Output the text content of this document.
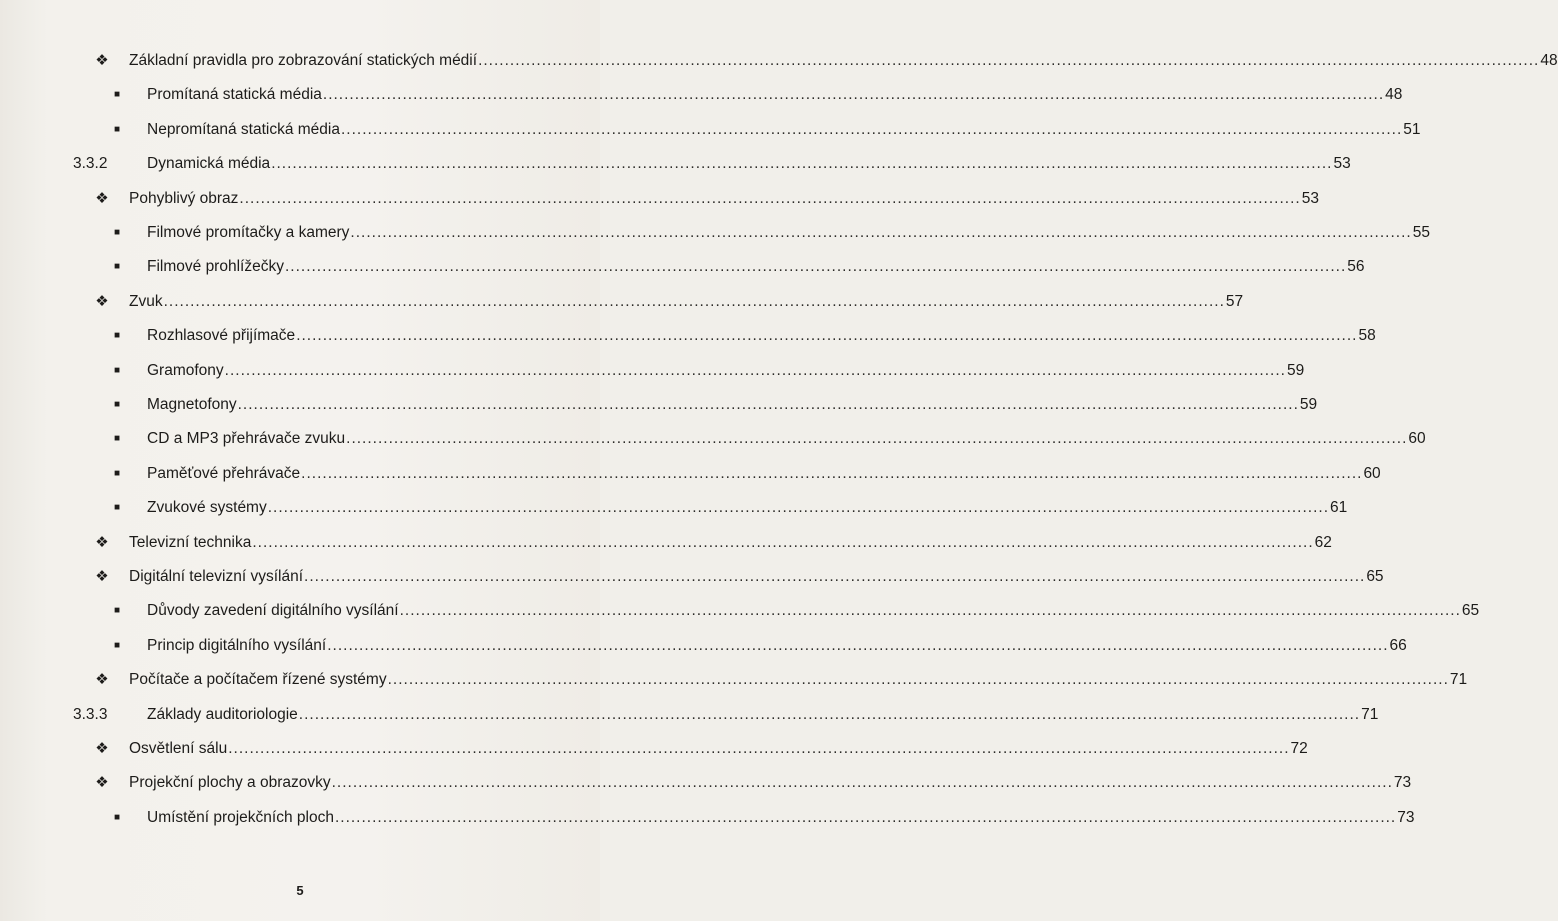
❖ Základní pravidla pro zobrazování statických médií ........................................................................................................................................................................................................ 48
■ Promítaná statická média ........................................................................................................................................................................................................ 48
■ Nepromítaná statická média ........................................................................................................................................................................................................ 51
3.3.2	Dynamická média ........................................................................................................................................................................................................ 53
❖ Pohyblivý obraz ........................................................................................................................................................................................................ 53
■ Filmové promítačky a kamery ........................................................................................................................................................................................................ 55
■ Filmové prohlížečky ........................................................................................................................................................................................................ 56
❖ Zvuk ........................................................................................................................................................................................................ 57
■ Rozhlasové přijímače ........................................................................................................................................................................................................ 58
■ Gramofony ........................................................................................................................................................................................................ 59
■ Magnetofony ........................................................................................................................................................................................................ 59
■ CD a MP3 přehrávače zvuku ........................................................................................................................................................................................................ 60
■ Paměťové přehrávače ........................................................................................................................................................................................................ 60
■ Zvukové systémy ........................................................................................................................................................................................................ 61
❖ Televizní technika ........................................................................................................................................................................................................ 62
❖ Digitální televizní vysílání ........................................................................................................................................................................................................ 65
■ Důvody zavedení digitálního vysílání ........................................................................................................................................................................................................ 65
■ Princip digitálního vysílání ........................................................................................................................................................................................................ 66
❖ Počítače a počítačem řízené systémy ........................................................................................................................................................................................................ 71
3.3.3	Základy auditoriologie ........................................................................................................................................................................................................ 71
❖ Osvětlení sálu ........................................................................................................................................................................................................ 72
❖ Projekční plochy a obrazovky ........................................................................................................................................................................................................ 73
■ Umístění projekčních ploch ........................................................................................................................................................................................................ 73
5
